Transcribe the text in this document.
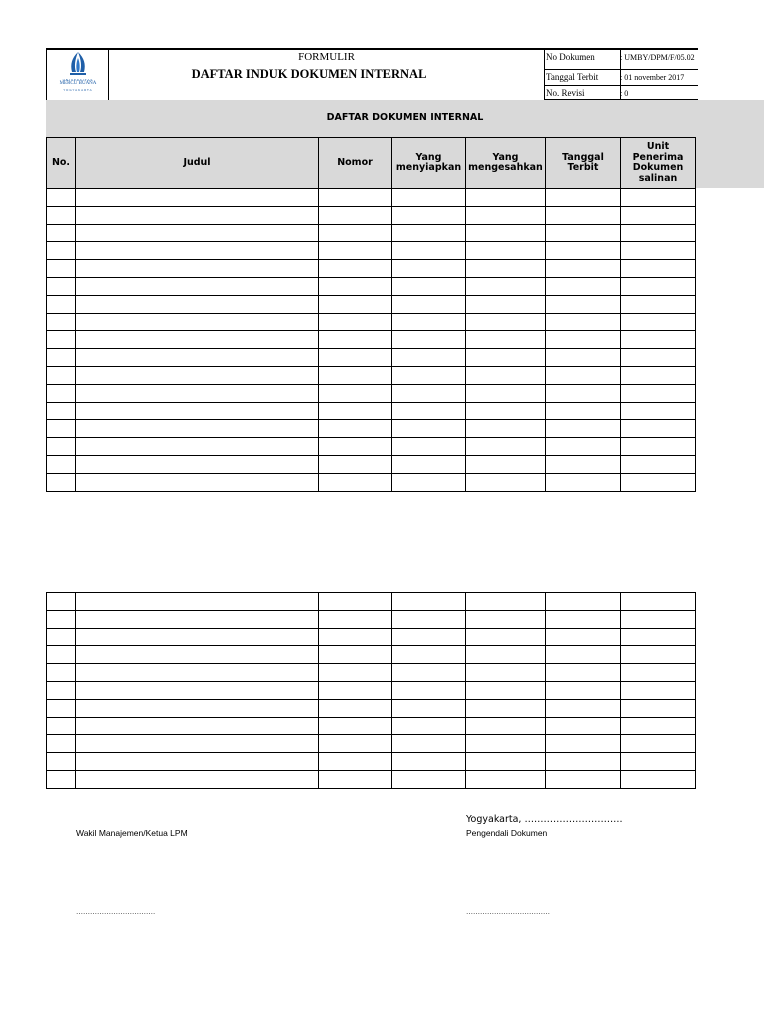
UNIVERSITAS
MERCU BUANA
YOGYAKARTA
FORMULIR
DAFTAR INDUK DOKUMEN INTERNAL
No Dokumen	: UMBY/DPM/F/05.02
Tanggal Terbit	: 01 november 2017
No. Revisi	: 0
DAFTAR DOKUMEN INTERNAL
No.	Judul	Nomor	Yang menyiapkan	Yang mengesahkan	Tanggal Terbit	Unit Penerima Dokumen salinan

Yogyakarta, ………………………….
Wakil Manajemen/Ketua LPM	Pengendali Dokumen
…………………………….	………………………………
